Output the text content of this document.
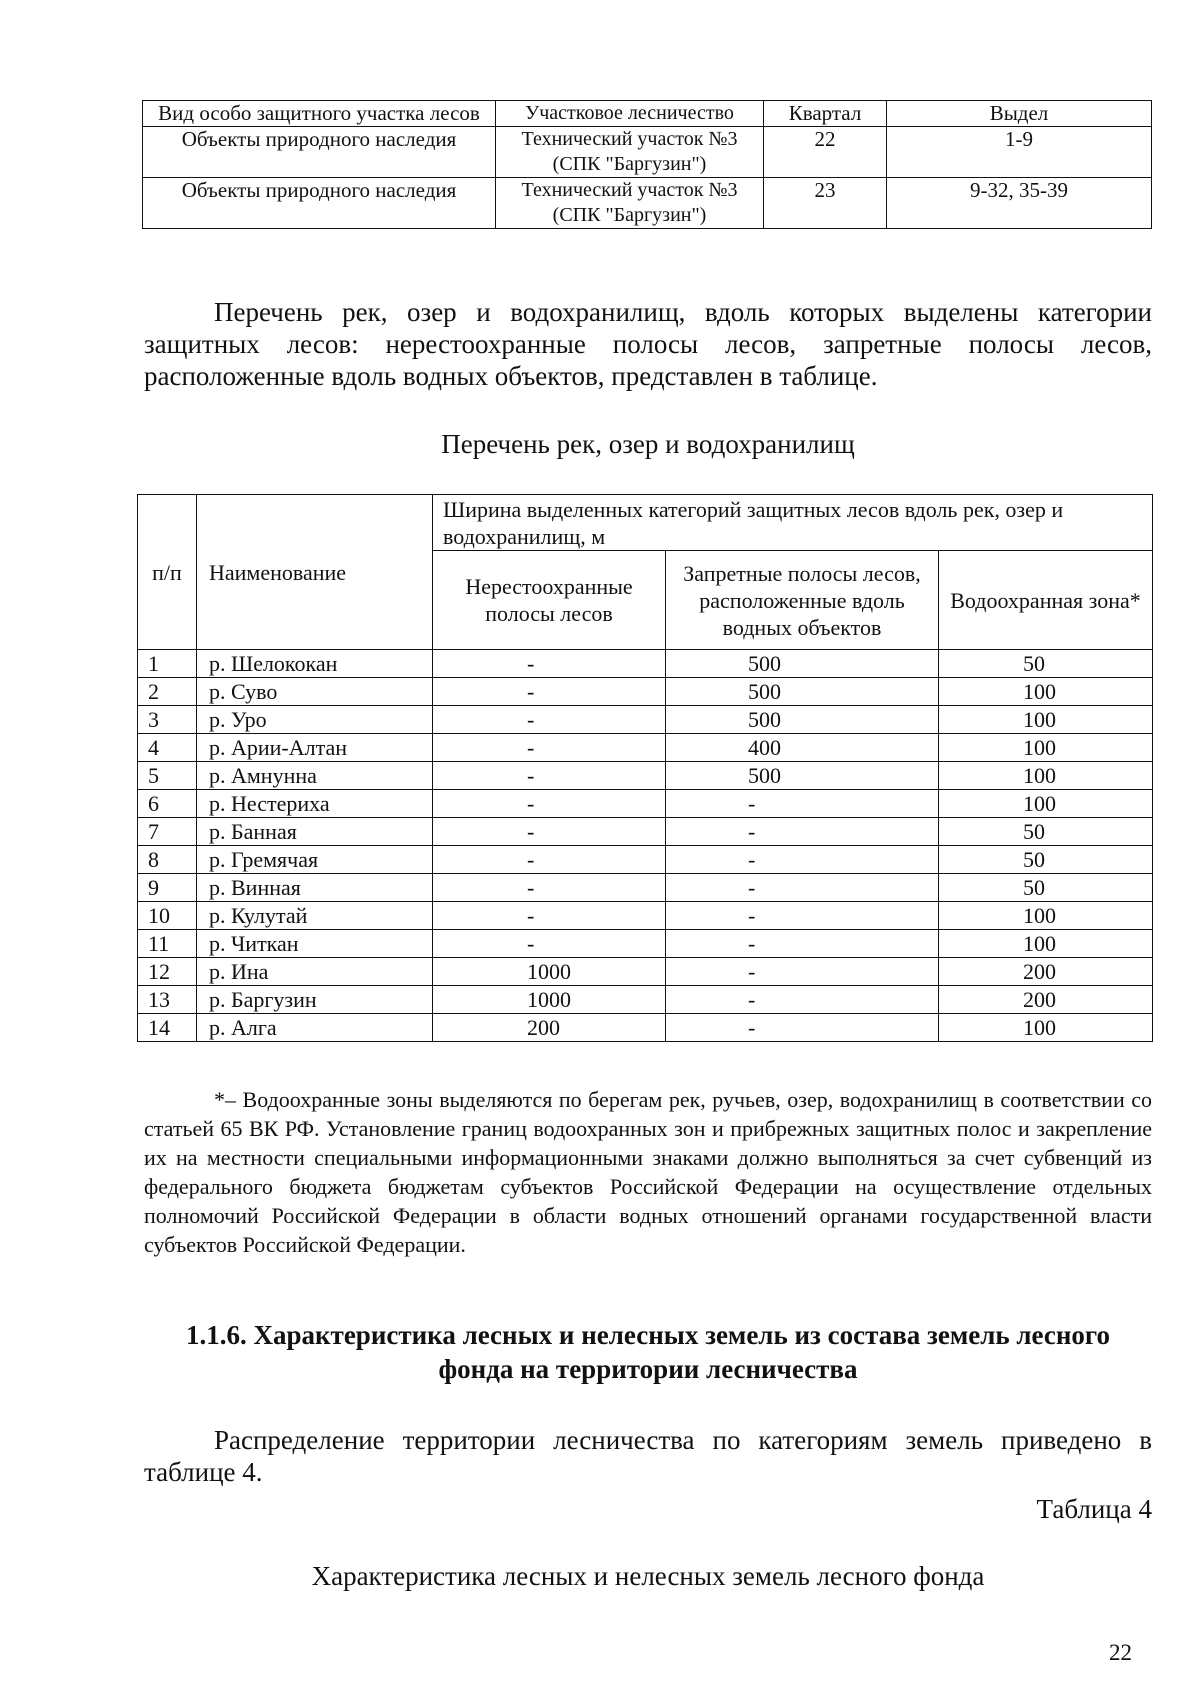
Вид особо защитного участка лесов	Участковое лесничество	Квартал	Выдел
Объекты природного наследия	Технический участок №3 (СПК "Баргузин")	22	1-9
Объекты природного наследия	Технический участок №3 (СПК "Баргузин")	23	9-32, 35-39

Перечень рек, озер и водохранилищ, вдоль которых выделены категории защитных лесов: нерестоохранные полосы лесов, запретные полосы лесов, расположенные вдоль водных объектов, представлен в таблице.

Перечень рек, озер и водохранилищ

п/п	Наименование	Ширина выделенных категорий защитных лесов вдоль рек, озер и водохранилищ, м		
		Нерестоохранные полосы лесов	Запретные полосы лесов, расположенные вдоль водных объектов	Водоохранная зона*
1	р. Шелококан	-	500	50
2	р. Суво	-	500	100
3	р. Уро	-	500	100
4	р. Арии-Алтан	-	400	100
5	р. Амнунна	-	500	100
6	р. Нестериха	-	-	100
7	р. Банная	-	-	50
8	р. Гремячая	-	-	50
9	р. Винная	-	-	50
10	р. Кулутай	-	-	100
11	р. Читкан	-	-	100
12	р. Ина	1000	-	200
13	р. Баргузин	1000	-	200
14	р. Алга	200	-	100

*– Водоохранные зоны выделяются по берегам рек, ручьев, озер, водохранилищ в соответствии со статьей 65 ВК РФ. Установление границ водоохранных зон и прибрежных защитных полос и закрепление их на местности специальными информационными знаками должно выполняться за счет субвенций из федерального бюджета бюджетам субъектов Российской Федерации на осуществление отдельных полномочий Российской Федерации в области водных отношений органами государственной власти субъектов Российской Федерации.

1.1.6. Характеристика лесных и нелесных земель из состава земель лесного
фонда на территории лесничества

Распределение территории лесничества по категориям земель приведено в таблице 4.

Таблица 4

Характеристика лесных и нелесных земель лесного фонда

22
